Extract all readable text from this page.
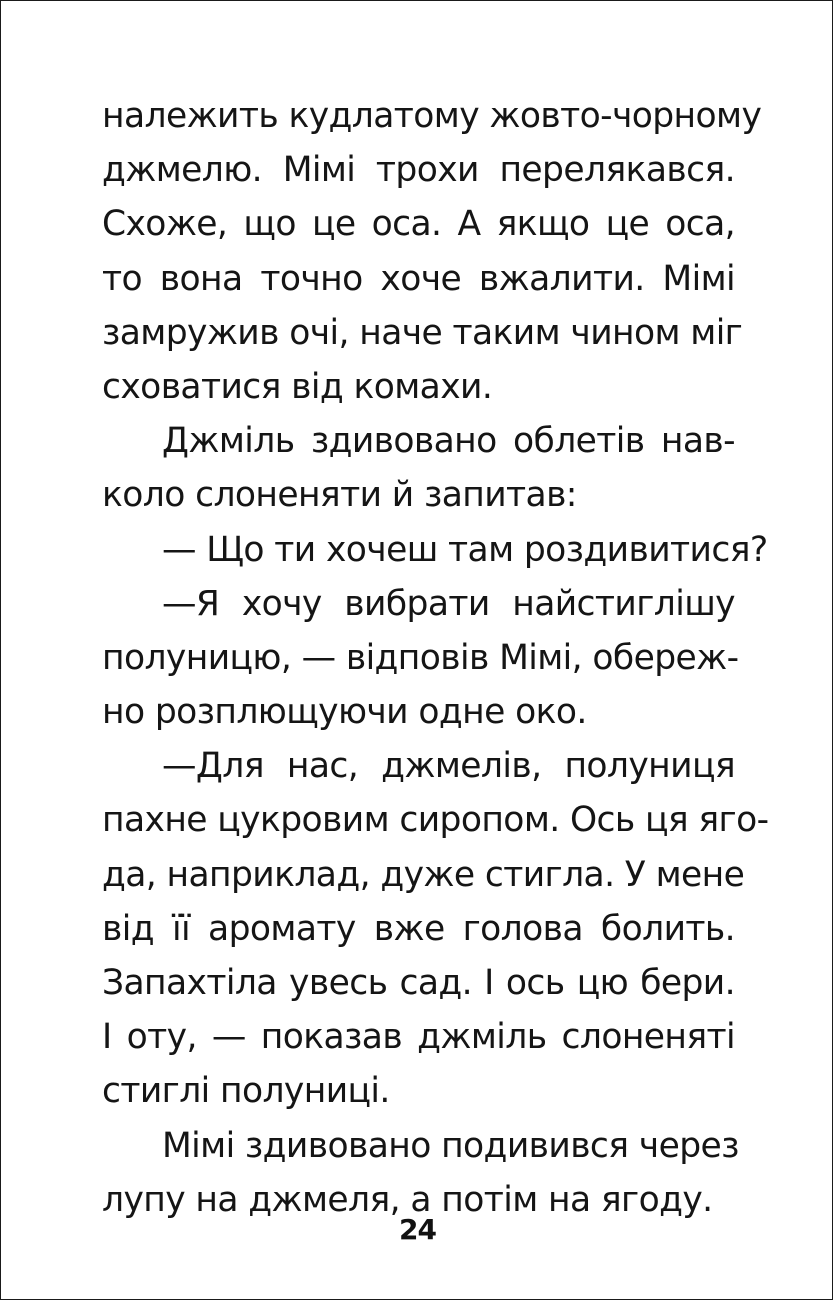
належить кудлатому жовто-чорному
джмелю. Мімі трохи перелякався.
Схоже, що це оса. А якщо це оса,
то вона точно хоче вжалити. Мімі
замружив очі, наче таким чином міг
сховатися від комахи.
Джміль здивовано облетів нав-
коло слоненяти й запитав:
— Що ти хочеш там роздивитися?
—Я хочу вибрати найстиглішу
полуницю, — відповів Мімі, обереж-
но розплющуючи одне око.
—Для нас, джмелів, полуниця
пахне цукровим сиропом. Ось ця яго-
да, наприклад, дуже стигла. У мене
від її аромату вже голова болить.
Запахтіла увесь сад. І ось цю бери.
І оту, — показав джміль слоненяті
стиглі полуниці.
Мімі здивовано подивився через
лупу на джмеля, а потім на ягоду.
24
